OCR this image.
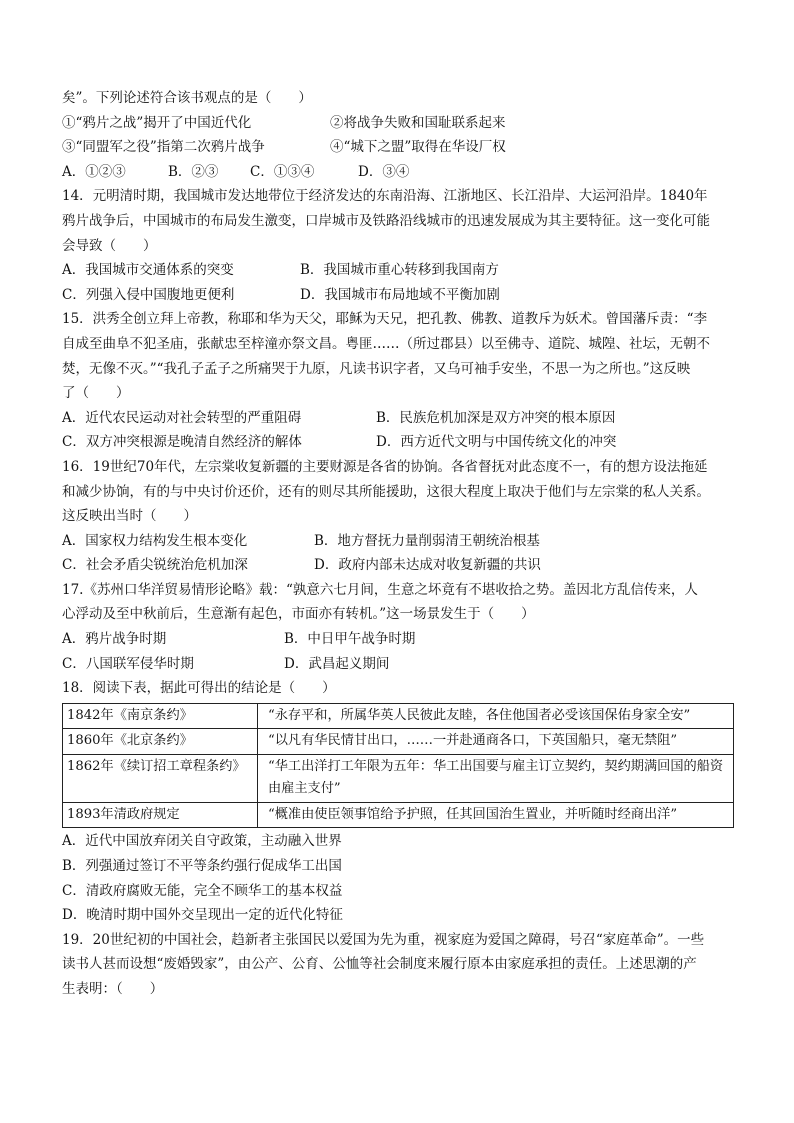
矣”。下列论述符合该书观点的是（　　）
①“鸦片之战”揭开了中国近代化	②将战争失败和国耻联系起来
③“同盟军之役”指第二次鸦片战争	④“城下之盟”取得在华设厂权
A．①②③	B．②③	C．①③④	D．③④
14．元明清时期，我国城市发达地带位于经济发达的东南沿海、江浙地区、长江沿岸、大运河沿岸。1840年
鸦片战争后，中国城市的布局发生激变，口岸城市及铁路沿线城市的迅速发展成为其主要特征。这一变化可能
会导致（　　）
A．我国城市交通体系的突变	B．我国城市重心转移到我国南方
C．列强入侵中国腹地更便利	D．我国城市布局地域不平衡加剧
15．洪秀全创立拜上帝教，称耶和华为天父，耶稣为天兄，把孔教、佛教、道教斥为妖术。曾国藩斥责：“李
自成至曲阜不犯圣庙，张献忠至梓潼亦祭文昌。粤匪……（所过郡县）以至佛寺、道院、城隍、社坛，无朝不
焚，无像不灭。”“我孔子孟子之所痛哭于九原，凡读书识字者，又乌可袖手安坐，不思一为之所也。”这反映
了（　　）
A．近代农民运动对社会转型的严重阻碍	B．民族危机加深是双方冲突的根本原因
C．双方冲突根源是晚清自然经济的解体	D．西方近代文明与中国传统文化的冲突
16．19世纪70年代，左宗棠收复新疆的主要财源是各省的协饷。各省督抚对此态度不一，有的想方设法拖延
和减少协饷，有的与中央讨价还价，还有的则尽其所能援助，这很大程度上取决于他们与左宗棠的私人关系。
这反映出当时（　　）
A．国家权力结构发生根本变化	B．地方督抚力量削弱清王朝统治根基
C．社会矛盾尖锐统治危机加深	D．政府内部未达成对收复新疆的共识
17.《苏州口华洋贸易情形论略》载：“孰意六七月间，生意之坏竟有不堪收拾之势。盖因北方乱信传来，人
心浮动及至中秋前后，生意渐有起色，市面亦有转机。”这一场景发生于（　　）
A．鸦片战争时期	B．中日甲午战争时期
C．八国联军侵华时期	D．武昌起义期间
18．阅读下表，据此可得出的结论是（　　）
1842年《南京条约》	“永存平和，所属华英人民彼此友睦，各住他国者必受该国保佑身家全安”
1860年《北京条约》	“以凡有华民情甘出口，……一并赴通商各口，下英国船只，毫无禁阻”
1862年《续订招工章程条约》	“华工出洋打工年限为五年：华工出国要与雇主订立契约，契约期满回国的船资由雇主支付”
1893年清政府规定	“概准由使臣领事馆给予护照，任其回国治生置业，并听随时经商出洋”
A．近代中国放弃闭关自守政策，主动融入世界
B．列强通过签订不平等条约强行促成华工出国
C．清政府腐败无能，完全不顾华工的基本权益
D．晚清时期中国外交呈现出一定的近代化特征
19．20世纪初的中国社会，趋新者主张国民以爱国为先为重，视家庭为爱国之障碍，号召“家庭革命”。一些
读书人甚而设想“废婚毁家”，由公产、公育、公恤等社会制度来履行原本由家庭承担的责任。上述思潮的产
生表明：（　　）
